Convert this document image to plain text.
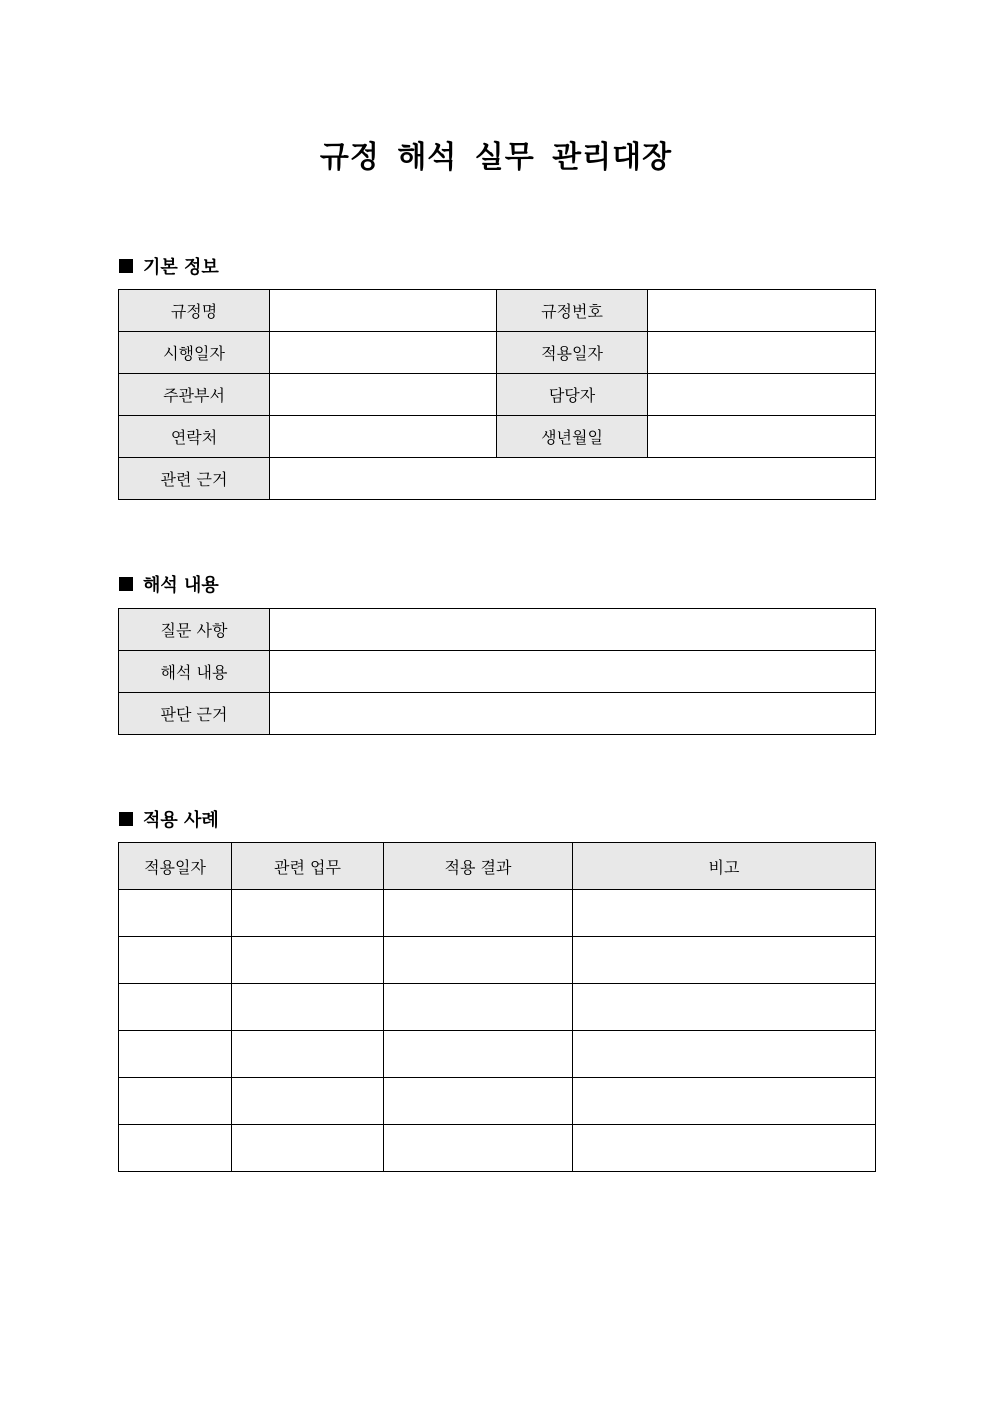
규정 해석 실무 관리대장
기본 정보
규정명		규정번호	
시행일자		적용일자	
주관부서		담당자	
연락처		생년월일	
관련 근거			
해석 내용
질문 사항	
해석 내용	
판단 근거	
적용 사례
적용일자	관련 업무	적용 결과	비고
